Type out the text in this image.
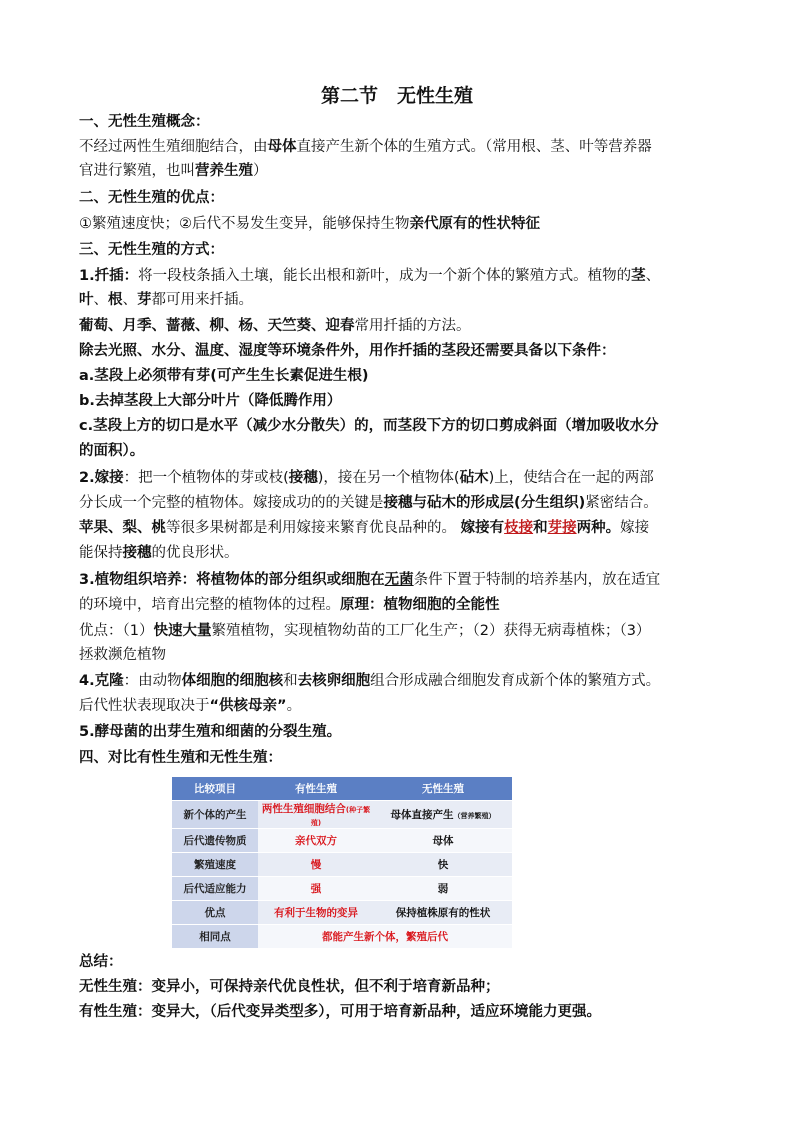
第二节　无性生殖
一、无性生殖概念：
不经过两性生殖细胞结合，由母体直接产生新个体的生殖方式。（常用根、茎、叶等营养器
官进行繁殖，也叫营养生殖）
二、无性生殖的优点：
①繁殖速度快；②后代不易发生变异，能够保持生物亲代原有的性状特征
三、无性生殖的方式：
1.扦插：将一段枝条插入土壤，能长出根和新叶，成为一个新个体的繁殖方式。植物的茎、
叶、根、芽都可用来扦插。
葡萄、月季、蔷薇、柳、杨、天竺葵、迎春常用扦插的方法。
除去光照、水分、温度、湿度等环境条件外，用作扦插的茎段还需要具备以下条件：
a.茎段上必须带有芽(可产生生长素促进生根)
b.去掉茎段上大部分叶片（降低腾作用）
c.茎段上方的切口是水平（减少水分散失）的，而茎段下方的切口剪成斜面（增加吸收水分
的面积）。
2.嫁接：把一个植物体的芽或枝(接穗)，接在另一个植物体(砧木)上，使结合在一起的两部
分长成一个完整的植物体。嫁接成功的的关键是接穗与砧木的形成层(分生组织)紧密结合。
苹果、梨、桃等很多果树都是利用嫁接来繁育优良品种的。 嫁接有枝接和芽接两种。嫁接
能保持接穗的优良形状。
3.植物组织培养：将植物体的部分组织或细胞在无菌条件下置于特制的培养基内，放在适宜
的环境中，培育出完整的植物体的过程。原理：植物细胞的全能性
优点：（1）快速大量繁殖植物，实现植物幼苗的工厂化生产；（2）获得无病毒植株；（3）
拯救濒危植物
4.克隆：由动物体细胞的细胞核和去核卵细胞组合形成融合细胞发育成新个体的繁殖方式。
后代性状表现取决于“供核母亲”。
5.酵母菌的出芽生殖和细菌的分裂生殖。
四、对比有性生殖和无性生殖：
比较项目	有性生殖	无性生殖
新个体的产生	两性生殖细胞结合(种子繁殖)	母体直接产生（营养繁殖）
后代遗传物质	亲代双方	母体
繁殖速度	慢	快
后代适应能力	强	弱
优点	有利于生物的变异	保持植株原有的性状
相同点	都能产生新个体，繁殖后代	
总结：
无性生殖：变异小，可保持亲代优良性状，但不利于培育新品种；
有性生殖：变异大，（后代变异类型多），可用于培育新品种，适应环境能力更强。
